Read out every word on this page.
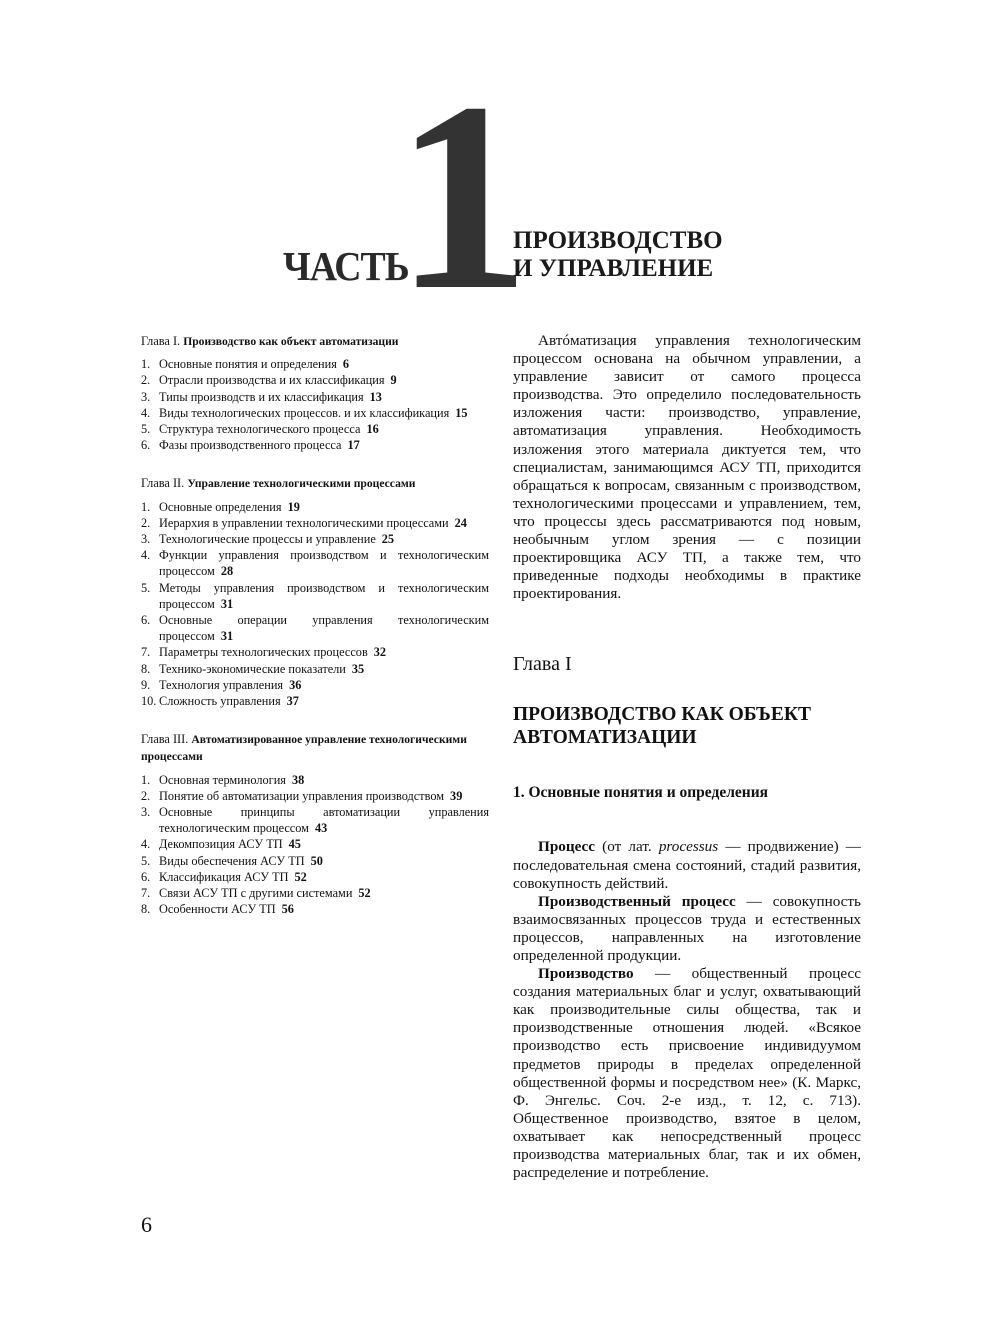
ЧАСТЬ
1
ПРОИЗВОДСТВО
И УПРАВЛЕНИЕ
Глава I. Производство как объект автоматизации
1. Основные понятия и определения 6
2. Отрасли производства и их классификация 9
3. Типы производств и их классификация 13
4. Виды технологических процессов. и их классификация 15
5. Структура технологического процесса 16
6. Фазы производственного процесса 17
Глава II. Управление технологическими процессами
1. Основные определения 19
2. Иерархия в управлении технологическими процессами 24
3. Технологические процессы и управление 25
4. Функции управления производством и технологическим процессом 28
5. Методы управления производством и технологическим процессом 31
6. Основные операции управления технологическим процессом 31
7. Параметры технологических процессов 32
8. Технико-экономические показатели 35
9. Технология управления 36
10. Сложность управления 37
Глава III. Автоматизированное управление технологическими процессами
1. Основная терминология 38
2. Понятие об автоматизации управления производством 39
3. Основные принципы автоматизации управления технологическим процессом 43
4. Декомпозиция АСУ ТП 45
5. Виды обеспечения АСУ ТП 50
6. Классификация АСУ ТП 52
7. Связи АСУ ТП с другими системами 52
8. Особенности АСУ ТП 56

Автóматизация управления технологическим процессом основана на обычном управлении, а управление зависит от самого процесса производства. Это определило последовательность изложения части: производство, управление, автоматизация управления. Необходимость изложения этого материала диктуется тем, что специалистам, занимающимся АСУ ТП, приходится обращаться к вопросам, связанным с производством, технологическими процессами и управлением, тем, что процессы здесь рассматриваются под новым, необычным углом зрения — с позиции проектировщика АСУ ТП, а также тем, что приведенные подходы необходимы в практике проектирования.

Глава I
ПРОИЗВОДСТВО КАК ОБЪЕКТ АВТОМАТИЗАЦИИ
1. Основные понятия и определения

Процесс (от лат. processus — продвижение) — последовательная смена состояний, стадий развития, совокупность действий.

Производственный процесс — совокупность взаимосвязанных процессов труда и естественных процессов, направленных на изготовление определенной продукции.

Производство — общественный процесс создания материальных благ и услуг, охватывающий как производительные силы общества, так и производственные отношения людей. «Всякое производство есть присвоение индивидуумом предметов природы в пределах определенной общественной формы и посредством нее» (К. Маркс, Ф. Энгельс. Соч. 2-е изд., т. 12, с. 713). Общественное производство, взятое в целом, охватывает как непосредственный процесс производства материальных благ, так и их обмен, распределение и потребление.

6
